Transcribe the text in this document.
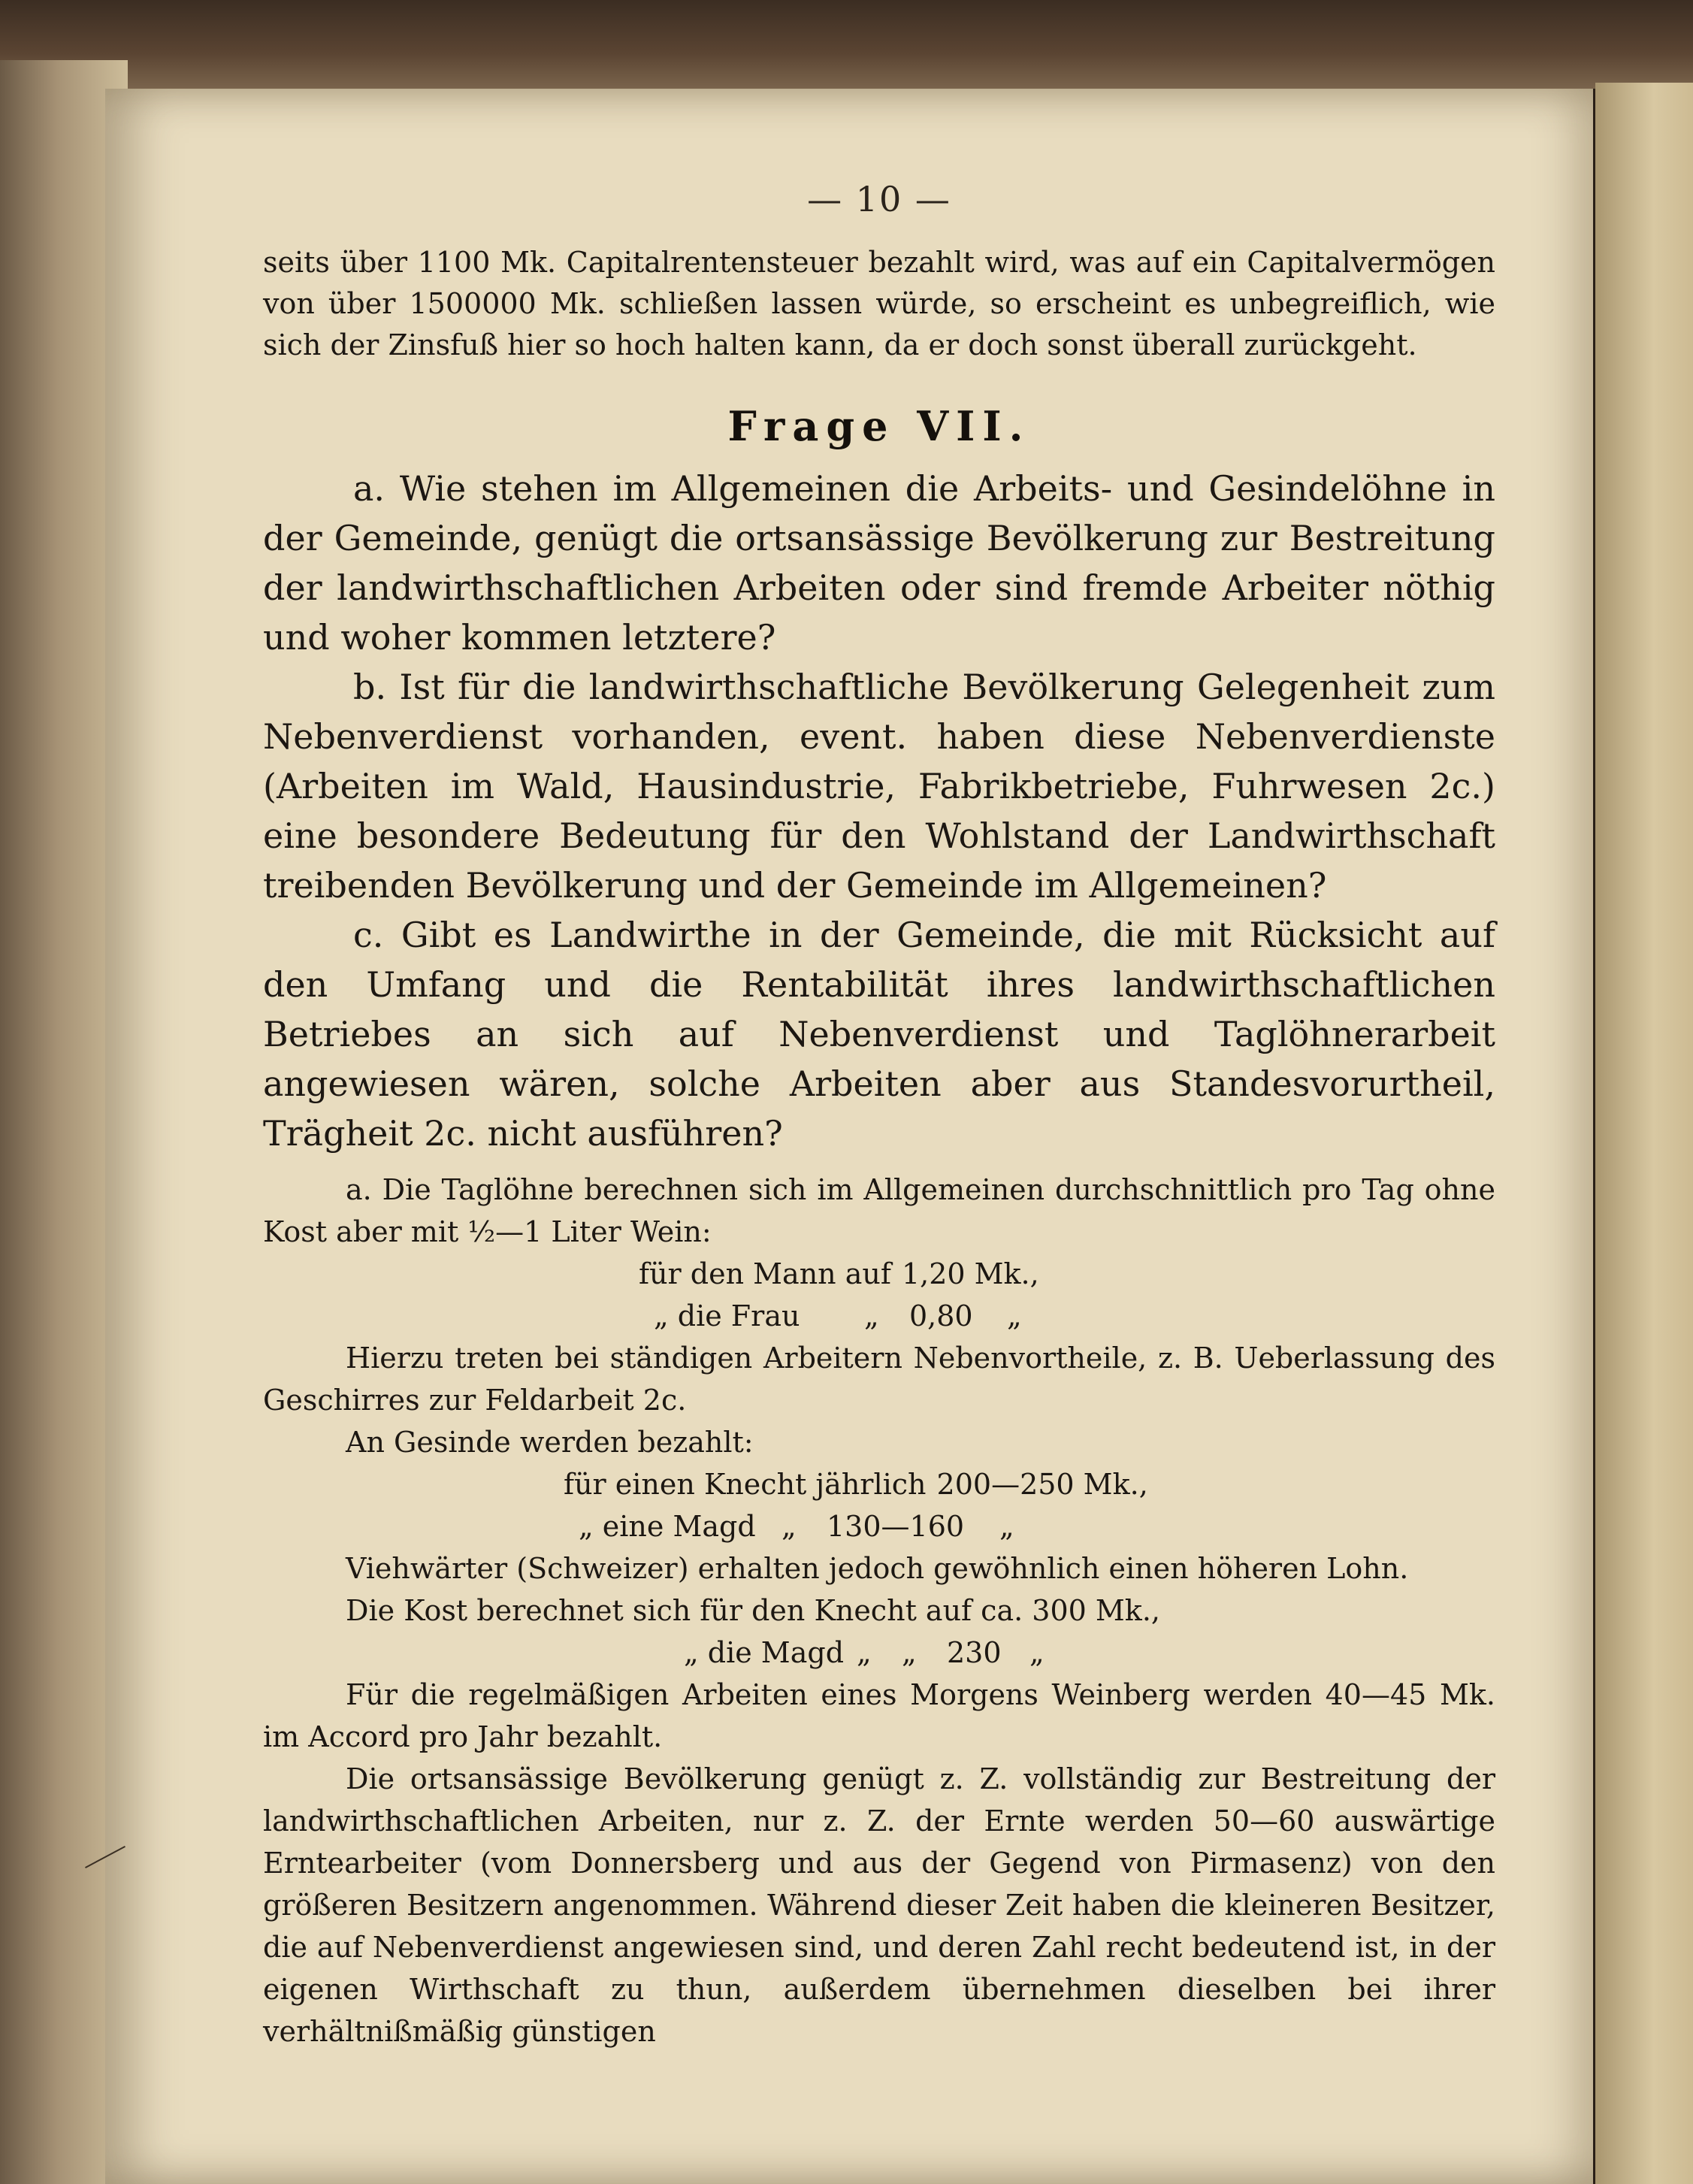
— 10 —

seits über 1100 Mk. Capitalrentensteuer bezahlt wird, was auf ein Capitalvermögen von über 1500000 Mk. schließen lassen würde, so erscheint es unbegreiflich, wie sich der Zinsfuß hier so hoch halten kann, da er doch sonst überall zurückgeht.

Frage VII.

a. Wie stehen im Allgemeinen die Arbeits- und Gesindelöhne in der Gemeinde, genügt die ortsansässige Bevölkerung zur Bestreitung der landwirthschaftlichen Arbeiten oder sind fremde Arbeiter nöthig und woher kommen letztere?

b. Ist für die landwirthschaftliche Bevölkerung Gelegenheit zum Nebenverdienst vorhanden, event. haben diese Nebenverdienste (Arbeiten im Wald, Hausindustrie, Fabrikbetriebe, Fuhrwesen 2c.) eine besondere Bedeutung für den Wohlstand der Landwirthschaft treibenden Bevölkerung und der Gemeinde im Allgemeinen?

c. Gibt es Landwirthe in der Gemeinde, die mit Rücksicht auf den Umfang und die Rentabilität ihres landwirthschaftlichen Betriebes an sich auf Nebenverdienst und Taglöhnerarbeit angewiesen wären, solche Arbeiten aber aus Standesvorurtheil, Trägheit 2c. nicht ausführen?

a. Die Taglöhne berechnen sich im Allgemeinen durchschnittlich pro Tag ohne Kost aber mit ½—1 Liter Wein:

für den Mann auf 1,20 Mk.,
„ die Frau	„	0,80	„

Hierzu treten bei ständigen Arbeitern Nebenvortheile, z. B. Ueberlassung des Geschirres zur Feldarbeit 2c.

An Gesinde werden bezahlt:

für einen Knecht jährlich 200—250 Mk.,
„ eine Magd „	130—160	„

Viehwärter (Schweizer) erhalten jedoch gewöhnlich einen höheren Lohn.

Die Kost berechnet sich für den Knecht auf ca. 300 Mk.,

„ die Magd „	„	230 „

Für die regelmäßigen Arbeiten eines Morgens Weinberg werden 40—45 Mk. im Accord pro Jahr bezahlt.

Die ortsansässige Bevölkerung genügt z. Z. vollständig zur Bestreitung der landwirthschaftlichen Arbeiten, nur z. Z. der Ernte werden 50—60 auswärtige Erntearbeiter (vom Donnersberg und aus der Gegend von Pirmasenz) von den größeren Besitzern angenommen. Während dieser Zeit haben die kleineren Besitzer, die auf Nebenverdienst angewiesen sind, und deren Zahl recht bedeutend ist, in der eigenen Wirthschaft zu thun, außerdem übernehmen dieselben bei ihrer verhältnißmäßig günstigen
